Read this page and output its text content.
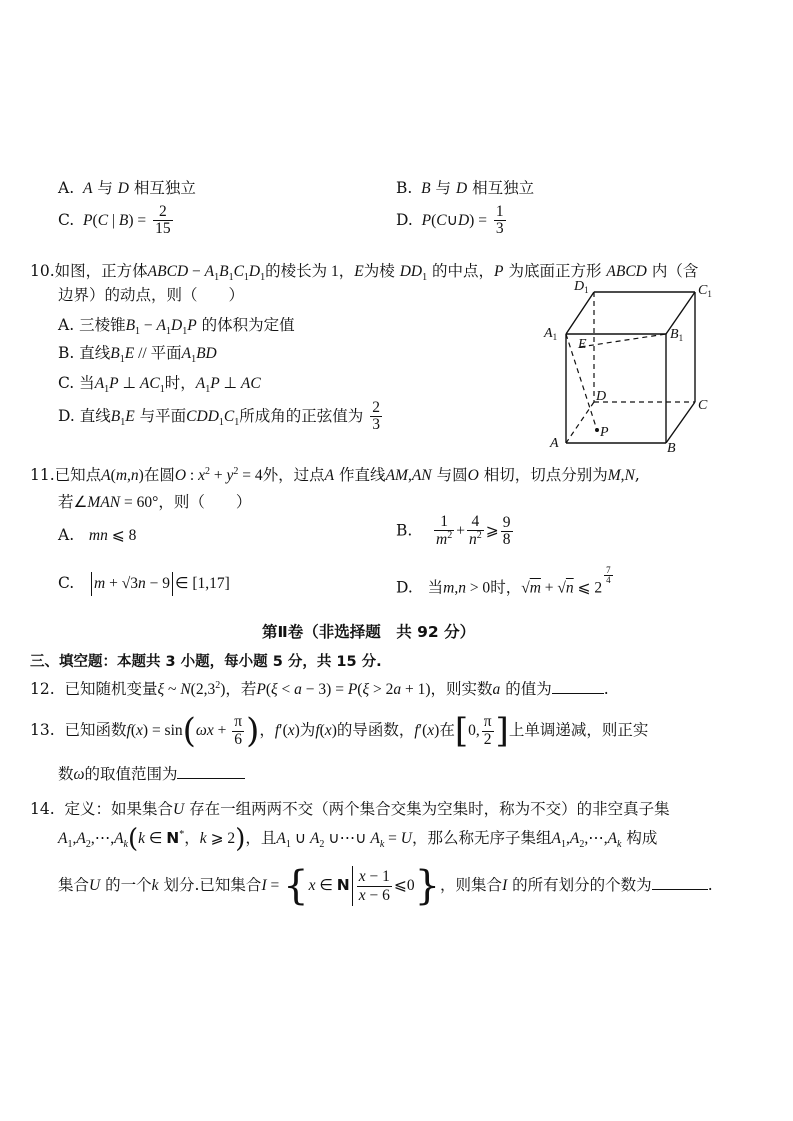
A.  A 与 D 相互独立	B.  B 与 D 相互独立
C.  P(C | $B) = \frac{2}{15}$	D.  P(C∪D) = $\frac{1}{3}$
10.如图，正方体ABCD − $A_1B_1C_1D_1$的棱长为 1，E为棱 $DD_1$ 的中点，P 为底面正方形 ABCD 内（含
边界）的动点，则（　　）
A. 三棱锥$B_1 - A_1D_1P$ 的体积为定值
B. 直线$B_1E$ // 平面$A_1BD$
C. 当$A_1P$ ⊥ $AC_1$时，$A_1P$ ⊥ AC
D. 直线$B_1E$ 与平面$CDD_1C_1$所成角的正弦值为 $\frac{2}{3}$
$D_1$	$C_1$
$A_1$	$B_1$
E
D
C
A	B
P
11.已知点A(m,n)在圆O : $x^2 + y^2 = 4$外，过点A 作直线AM,AN 与圆O 相切，切点分别为M,N,
若∠MAN = 60°，则（　　）
A. mn ⩽ 8	B. $\frac{1}{m^2} + \frac{4}{n^2}$ ⩾ $\frac{9}{8}$
C. m + √3n − 9 ∈ [1,17]	D. 当m,n > 0时，√m + √n ⩽ 2
$^{\frac{7}{4}}$
第Ⅱ卷（非选择题　共 92 分）
三、填空题：本题共 3 小题，每小题 5 分，共 15 分.
12. 已知随机变量ξ ~ $N(2,3^2)$，若P(ξ < a − 3) = P(ξ > 2a + 1)，则实数a 的值为	.
13. 已知函数$f(x) = \sin(\omega x + \frac{\pi}{6}$ )，f′(x)为f(x)的导函数，f′(x)在[0, $\frac{\pi}{2}$ ]上单调递减，则正实
数ω的取值范围为
14. 定义：如果集合U 存在一组两两不交（两个集合交集为空集时，称为不交）的非空真子集
$A_1,A_2,\cdots,A_k(k$ ∈ N*，k ⩾ 2)，且$A_1$ ∪ $A_2$ ∪⋯∪ $A_k = U$，那么称无序子集组$A_1,A_2,\cdots,A_k$ 构成
集合U 的一个k 划分.已知集合I = {x ∈ N $\frac{x - 1}{x - 6}$ ⩽0}，则集合I 的所有划分的个数为	.
